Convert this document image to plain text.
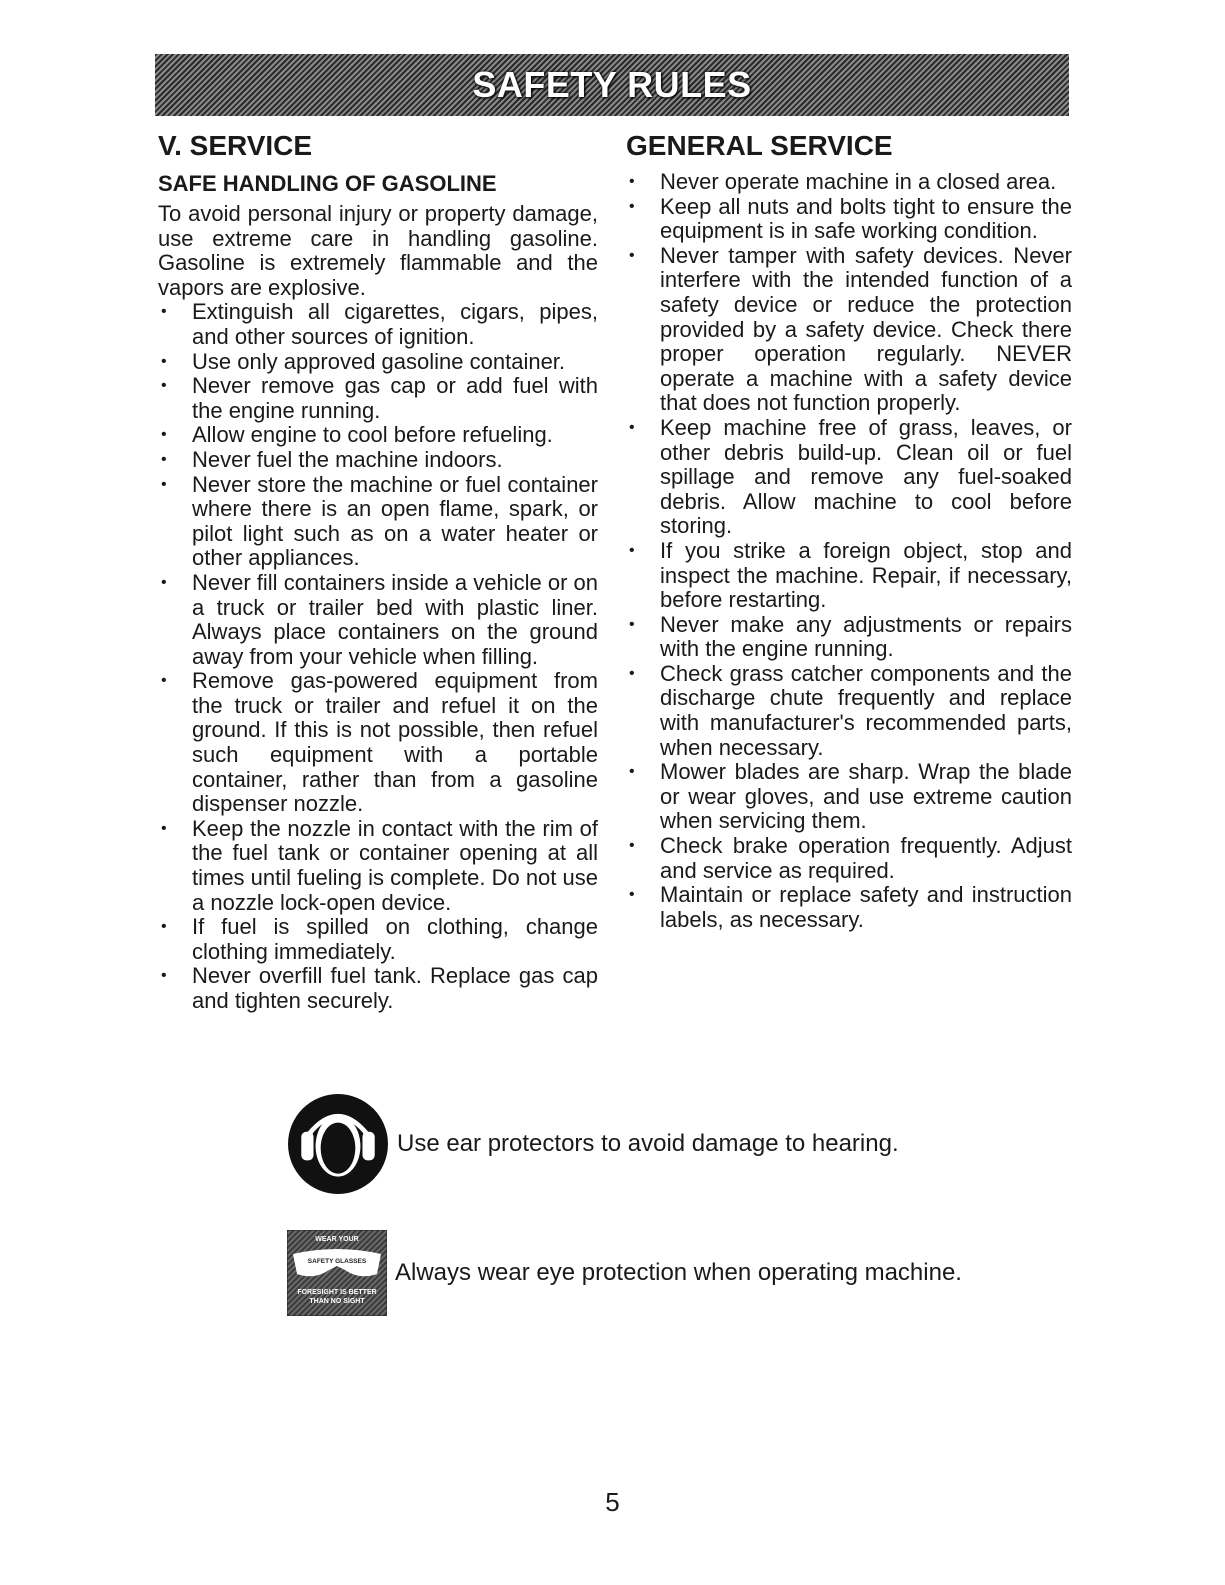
SAFETY RULES
V. SERVICE
SAFE HANDLING OF GASOLINE

To avoid personal injury or property damage, use extreme care in handling gasoline. Gasoline is extremely flammable and the vapors are explosive.

• Extinguish all cigarettes, cigars, pipes, and other sources of ignition.
• Use only approved gasoline container.
• Never remove gas cap or add fuel with the engine running.
• Allow engine to cool before refueling.
• Never fuel the machine indoors.
• Never store the machine or fuel container where there is an open flame, spark, or pilot light such as on a water heater or other appliances.
• Never fill containers inside a vehicle or on a truck or trailer bed with plastic liner. Always place containers on the ground away from your vehicle when filling.
• Remove gas-powered equipment from the truck or trailer and refuel it on the ground. If this is not possible, then refuel such equipment with a portable container, rather than from a gasoline dispenser nozzle.
• Keep the nozzle in contact with the rim of the fuel tank or container opening at all times until fueling is complete. Do not use a nozzle lock-open device.
• If fuel is spilled on clothing, change clothing immediately.
• Never overfill fuel tank. Replace gas cap and tighten securely.
GENERAL SERVICE
• Never operate machine in a closed area.
• Keep all nuts and bolts tight to ensure the equipment is in safe working condition.
• Never tamper with safety devices. Never interfere with the intended function of a safety device or reduce the protection provided by a safety device. Check there proper operation regularly. NEVER operate a machine with a safety device that does not function properly.
• Keep machine free of grass, leaves, or other debris build-up. Clean oil or fuel spillage and remove any fuel-soaked debris. Allow machine to cool before storing.
• If you strike a foreign object, stop and inspect the machine. Repair, if necessary, before restarting.
• Never make any adjustments or repairs with the engine running.
• Check grass catcher components and the discharge chute frequently and replace with manufacturer's recommended parts, when necessary.
• Mower blades are sharp. Wrap the blade or wear gloves, and use extreme caution when servicing them.
• Check brake operation frequently. Adjust and service as required.
• Maintain or replace safety and instruction labels, as necessary.
Use ear protectors to avoid damage to hearing.
WEAR YOUR
SAFETY GLASSES
FORESIGHT IS BETTER
THAN NO SIGHT
Always wear eye protection when operating machine.
5
